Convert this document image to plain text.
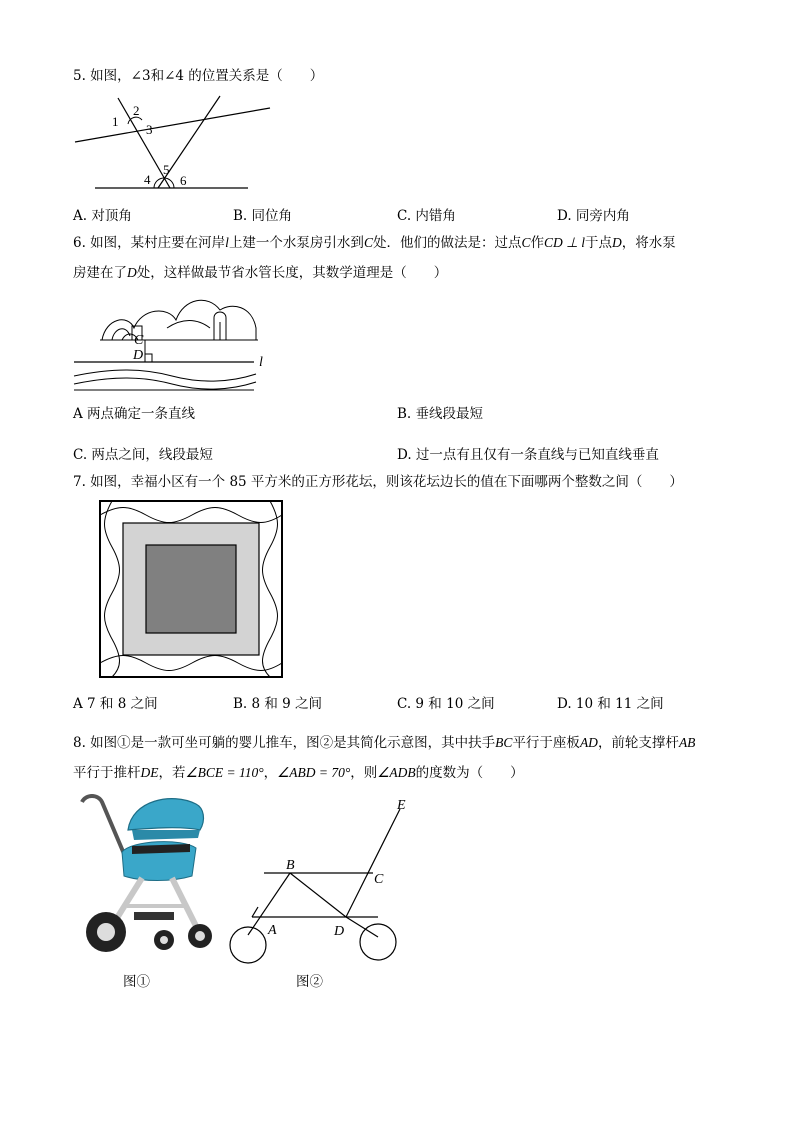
5. 如图，∠3和∠4 的位置关系是（　　）
1
2
3
4
5
6
A. 对顶角	B. 同位角	C. 内错角	D. 同旁内角
6. 如图，某村庄要在河岸l上建一个水泵房引水到C处．他们的做法是：过点C作CD ⊥ l于点D，将水泵
房建在了D处，这样做最节省水管长度，其数学道理是（　　）
C
D	l
A 两点确定一条直线	B. 垂线段最短
C. 两点之间，线段最短	D. 过一点有且仅有一条直线与已知直线垂直
7. 如图，幸福小区有一个 85 平方米的正方形花坛，则该花坛边长的值在下面哪两个整数之间（　　）
A 7 和 8 之间	B. 8 和 9 之间	C. 9 和 10 之间	D. 10 和 11 之间
8. 如图①是一款可坐可躺的婴儿推车，图②是其简化示意图，其中扶手BC平行于座板AD，前轮支撑杆AB
平行于推杆DE，若∠BCE = 110°，∠ABD = 70°，则∠ADB的度数为（　　）
图①
B
C
A	D
E
图②
